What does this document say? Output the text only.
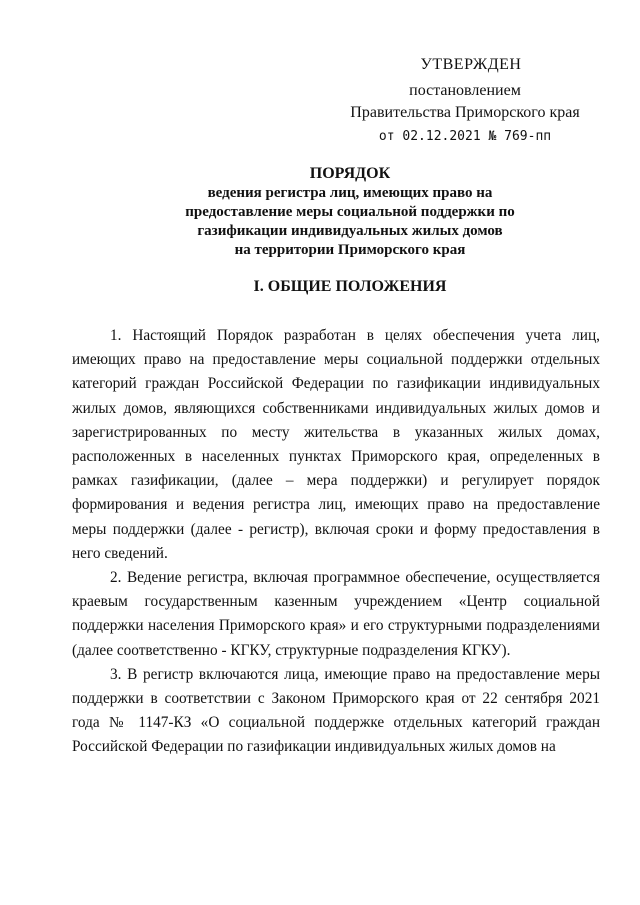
УТВЕРЖДЕН
постановлением
Правительства Приморского края
от 02.12.2021 № 769-пп
ПОРЯДОК
ведения регистра лиц, имеющих право на
предоставление меры социальной поддержки по
газификации индивидуальных жилых домов
на территории Приморского края
I. ОБЩИЕ ПОЛОЖЕНИЯ

1. Настоящий Порядок разработан в целях обеспечения учета лиц, имеющих право на предоставление меры социальной поддержки отдельных категорий граждан Российской Федерации по газификации индивидуальных жилых домов, являющихся собственниками индивидуальных жилых домов и зарегистрированных по месту жительства в указанных жилых домах, расположенных в населенных пунктах Приморского края, определенных в рамках газификации, (далее – мера поддержки) и регулирует порядок формирования и ведения регистра лиц, имеющих право на предоставление меры поддержки (далее - регистр), включая сроки и форму предоставления в него сведений.

2. Ведение регистра, включая программное обеспечение, осуществляется краевым государственным казенным учреждением «Центр социальной поддержки населения Приморского края» и его структурными подразделениями (далее соответственно - КГКУ, структурные подразделения КГКУ).

3. В регистр включаются лица, имеющие право на предоставление меры поддержки в соответствии с Законом Приморского края от 22 сентября 2021 года № 1147-КЗ «О социальной поддержке отдельных категорий граждан Российской Федерации по газификации индивидуальных жилых домов на
